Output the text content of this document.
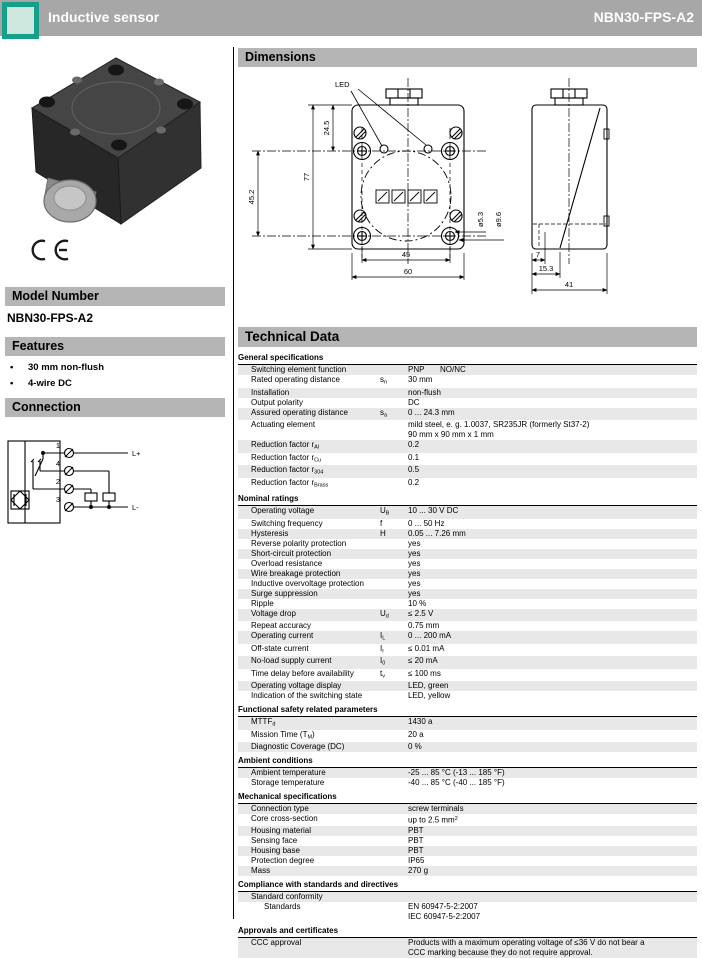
Inductive sensor	NBN30-FPS-A2
Model Number
NBN30-FPS-A2
Features
•	30 mm non-flush
•	4-wire DC
Connection
1
4
2
3
L+
L-
Dimensions
LED
45.2
77
24.5
45
60
ø5.3 ø9.6
7
15.3
41
Technical Data
General specifications
Switching element function	PNP       NO/NC
Rated operating distance	$s_n$	30 mm
Installation	non-flush
Output polarity	DC
Assured operating distance	$s_a$	0 ... 24.3 mm
Actuating element	mild steel, e. g. 1.0037, SR235JR (formerly St37-2)
90 mm x 90 mm x 1 mm
Reduction factor $r_{Al}$	0.2
Reduction factor $r_{Cu}$	0.1
Reduction factor $r_{304}$	0.5
Reduction factor $r_{Brass}$	0.2
Nominal ratings
Operating voltage	$U_B$	10 ... 30 V DC
Switching frequency	f	0 ... 50 Hz
Hysteresis	H	0.05 ... 7.26 mm
Reverse polarity protection	yes
Short-circuit protection	yes
Overload resistance	yes
Wire breakage protection	yes
Inductive overvoltage protection	yes
Surge suppression	yes
Ripple	10 %
Voltage drop	$U_d$	≤ 2.5 V
Repeat accuracy	0.75 mm
Operating current	$I_L$	0 ... 200 mA
Off-state current	$I_r$	≤ 0.01 mA
No-load supply current	$I_0$	≤ 20 mA
Time delay before availability	$t_v$	≤ 100 ms
Operating voltage display	LED, green
Indication of the switching state	LED, yellow
Functional safety related parameters
$MTTF_d$	1430 a
Mission Time $(T_M)$	20 a
Diagnostic Coverage (DC)	0 %
Ambient conditions
Ambient temperature	-25 ... 85 °C (-13 ... 185 °F)
Storage temperature	-40 ... 85 °C (-40 ... 185 °F)
Mechanical specifications
Connection type	screw terminals
Core cross-section	up to 2.5 $mm^2$
Housing material	PBT
Sensing face	PBT
Housing base	PBT
Protection degree	IP65
Mass	270 g
Compliance with standards and directives
Standard conformity
Standards	EN 60947-5-2:2007
IEC 60947-5-2:2007
Approvals and certificates
CCC approval	Products with a maximum operating voltage of ≤36 V do not bear a
CCC marking because they do not require approval.
